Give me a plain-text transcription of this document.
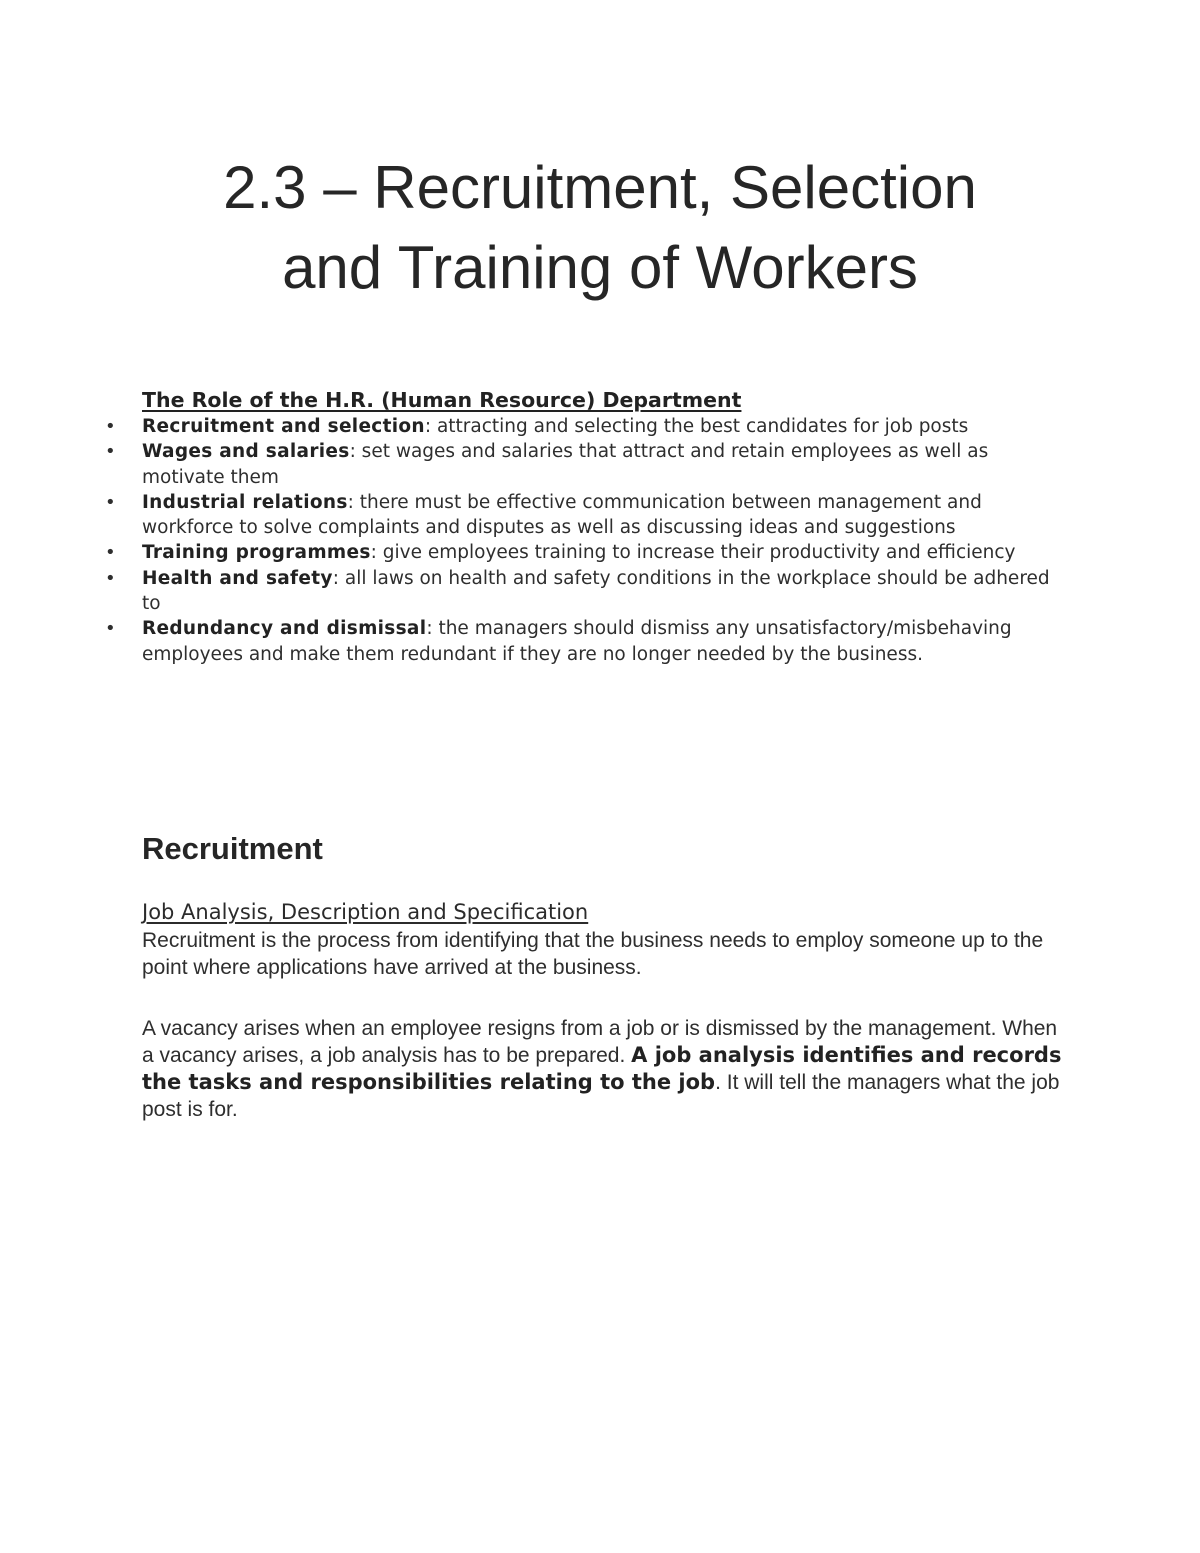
2.3 – Recruitment, Selection
and Training of Workers

The Role of the H.R. (Human Resource) Department

• Recruitment and selection: attracting and selecting the best candidates for job posts
• Wages and salaries: set wages and salaries that attract and retain employees as well as motivate them
• Industrial relations: there must be effective communication between management and workforce to solve complaints and disputes as well as discussing ideas and suggestions
• Training programmes: give employees training to increase their productivity and efficiency
• Health and safety: all laws on health and safety conditions in the workplace should be adhered to
• Redundancy and dismissal: the managers should dismiss any unsatisfactory/misbehaving employees and make them redundant if they are no longer needed by the business.
Recruitment

Job Analysis, Description and Specification

Recruitment is the process from identifying that the business needs to employ someone up to the point where applications have arrived at the business.

A vacancy arises when an employee resigns from a job or is dismissed by the management. When a vacancy arises, a job analysis has to be prepared. A job analysis identifies and records the tasks and responsibilities relating to the job. It will tell the managers what the job post is for.
